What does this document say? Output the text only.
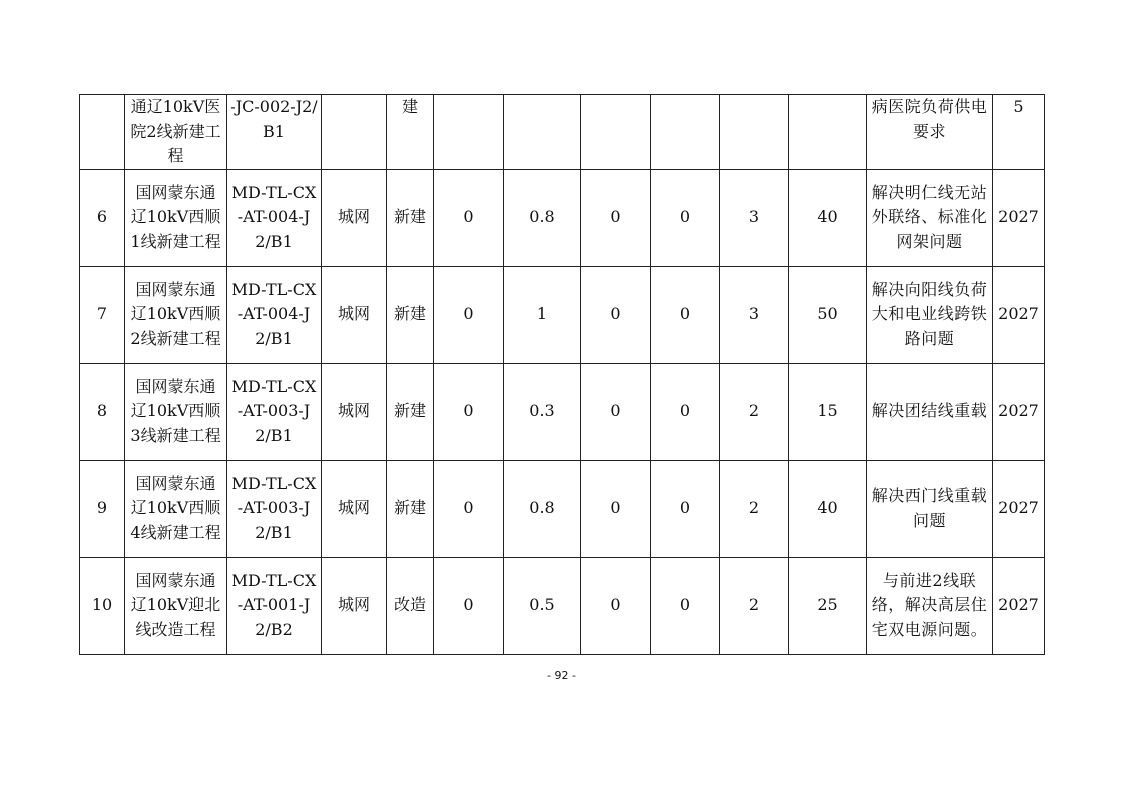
	通辽10kV医院2线新建工程	-JC-002-J2/B1		建							病医院负荷供电要求	5
6	国网蒙东通辽10kV西顺1线新建工程	MD-TL-CX-AT-004-J2/B1	城网	新建	0	0.8	0	0	3	40	解决明仁线无站外联络、标准化网架问题	2027
7	国网蒙东通辽10kV西顺2线新建工程	MD-TL-CX-AT-004-J2/B1	城网	新建	0	1	0	0	3	50	解决向阳线负荷大和电业线跨铁路问题	2027
8	国网蒙东通辽10kV西顺3线新建工程	MD-TL-CX-AT-003-J2/B1	城网	新建	0	0.3	0	0	2	15	解决团结线重载	2027
9	国网蒙东通辽10kV西顺4线新建工程	MD-TL-CX-AT-003-J2/B1	城网	新建	0	0.8	0	0	2	40	解决西门线重载问题	2027
10	国网蒙东通辽10kV迎北线改造工程	MD-TL-CX-AT-001-J2/B2	城网	改造	0	0.5	0	0	2	25	与前进2线联络，解决高层住宅双电源问题。	2027
- 92 -
